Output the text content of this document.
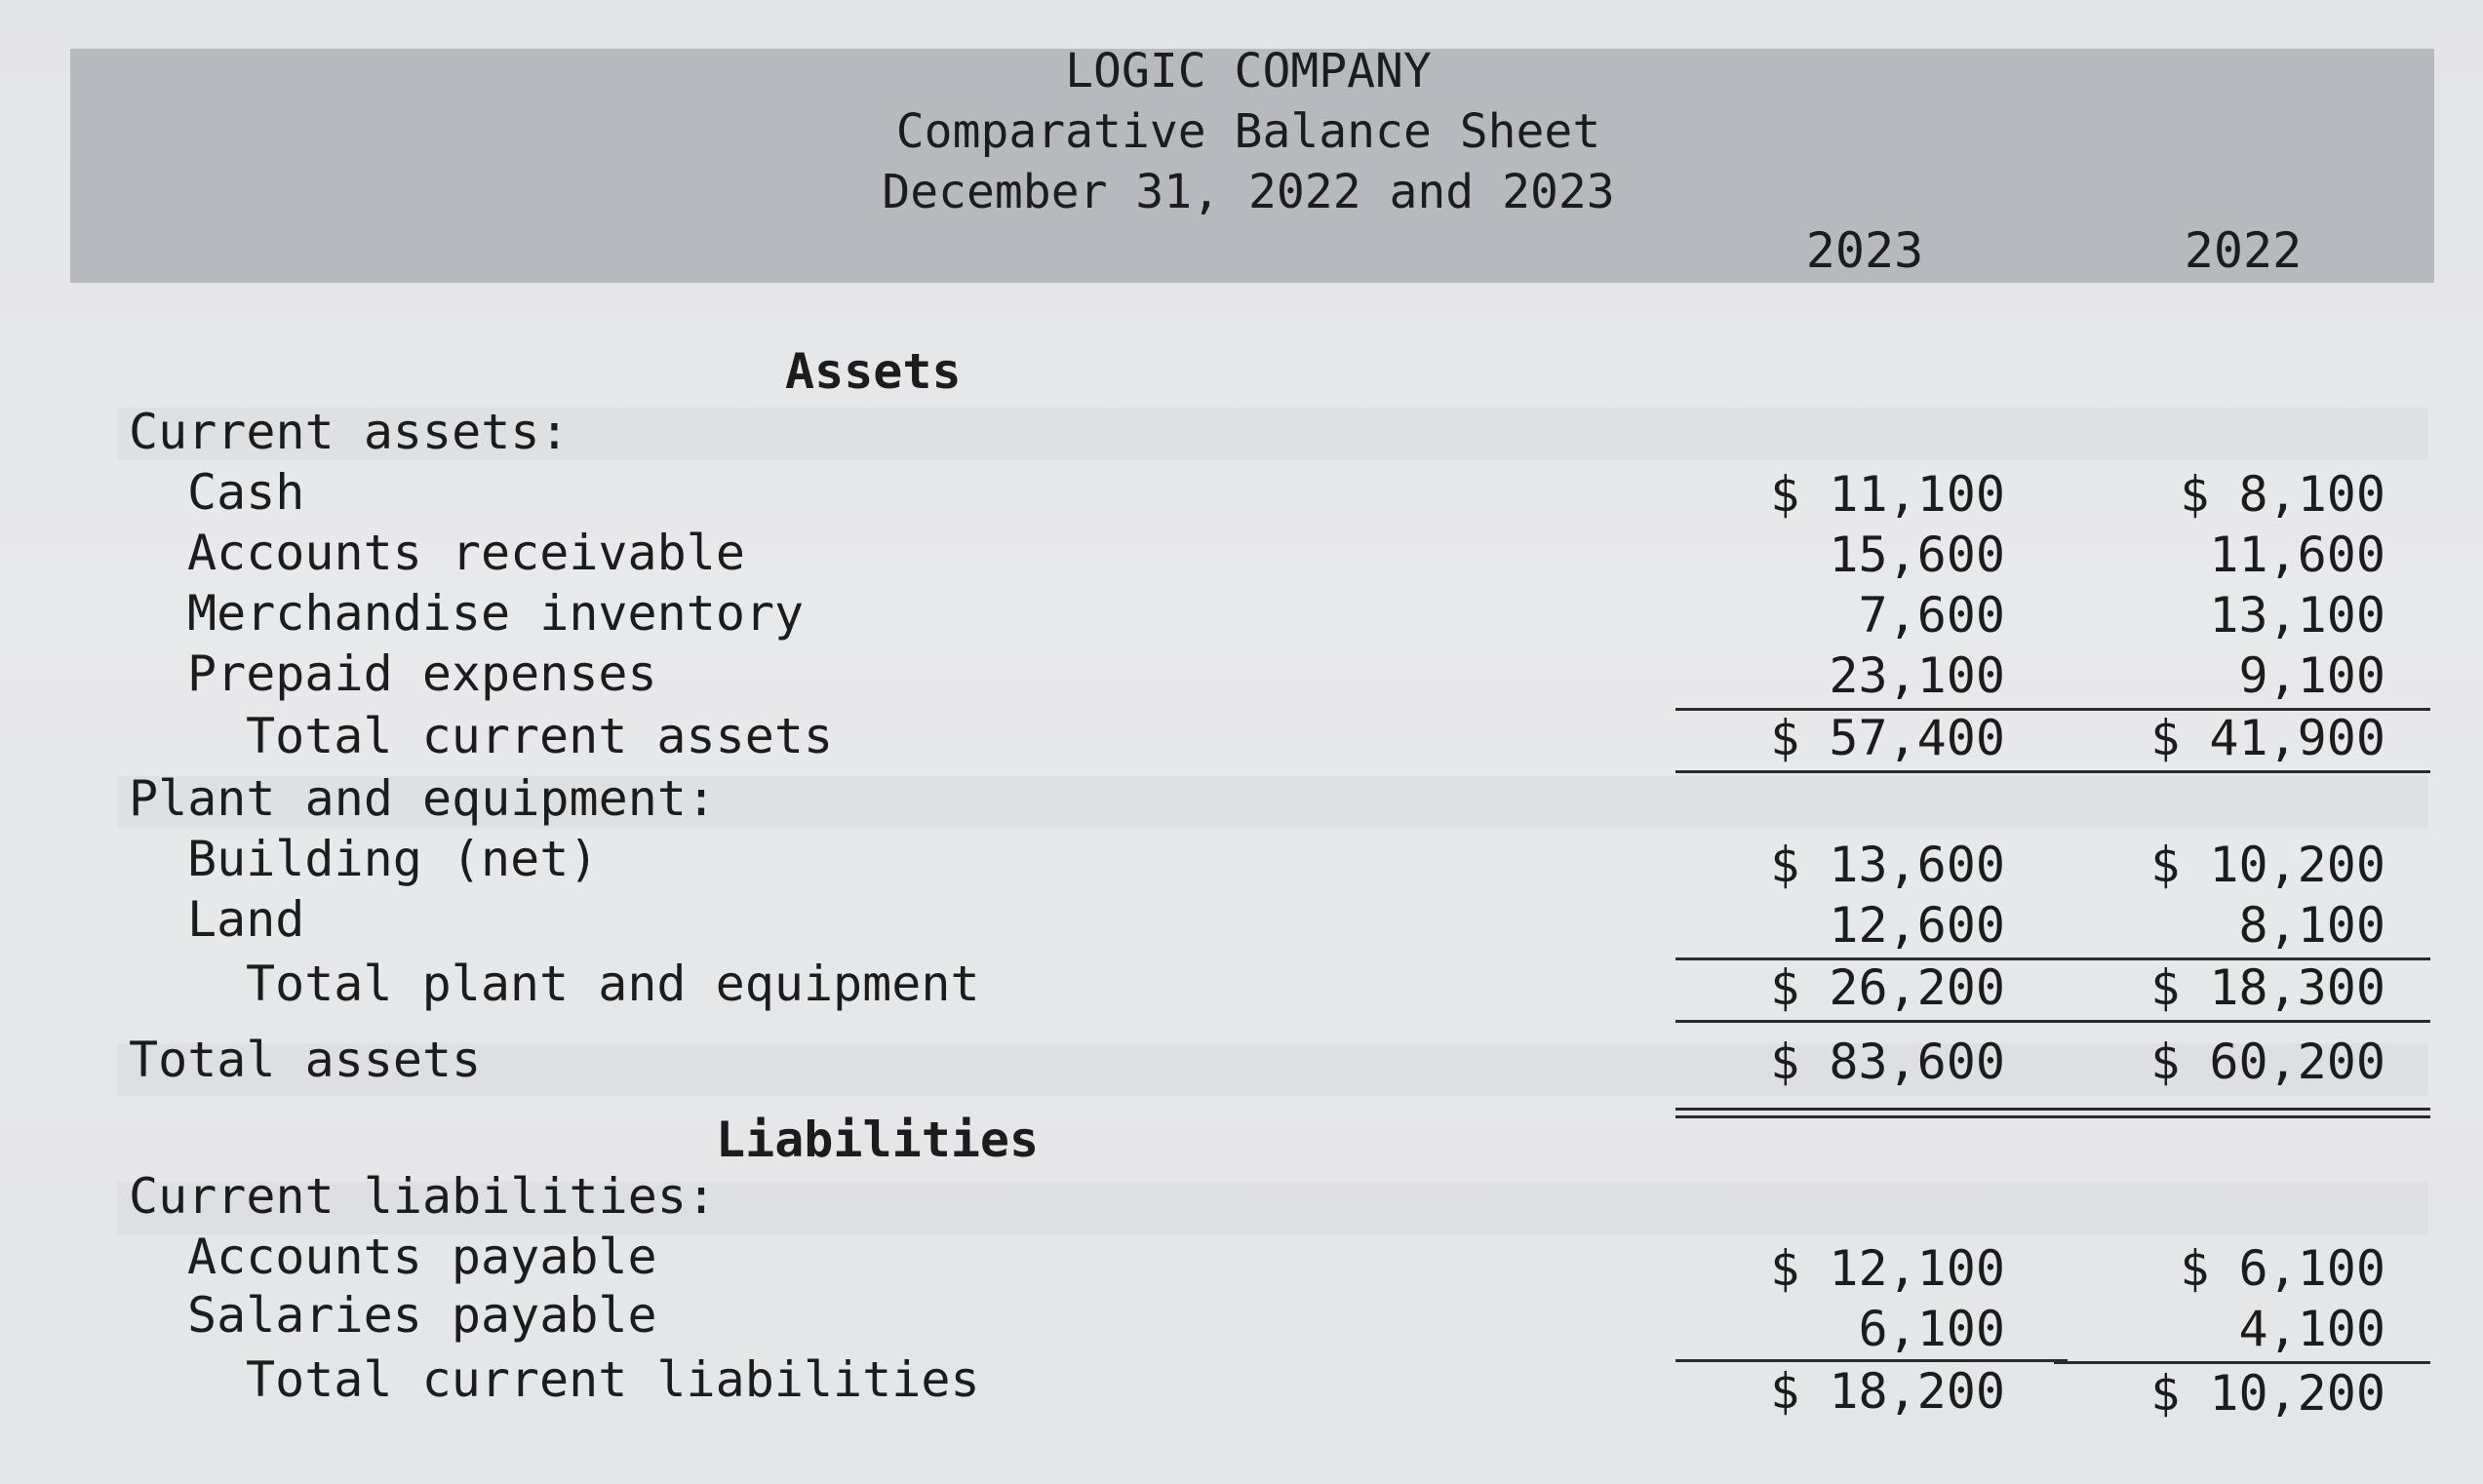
LOGIC COMPANY
Comparative Balance Sheet
December 31, 2022 and 2023
2023	2022
Assets
Current assets:
Cash	$ 11,100	$ 8,100
Accounts receivable	15,600	11,600
Merchandise inventory	7,600	13,100
Prepaid expenses	23,100	9,100
Total current assets	$ 57,400	$ 41,900
Plant and equipment:
Building (net)	$ 13,600	$ 10,200
Land	12,600	8,100
Total plant and equipment	$ 26,200	$ 18,300
Total assets	$ 83,600	$ 60,200
Liabilities
Current liabilities:
Accounts payable	$ 12,100	$ 6,100
Salaries payable	6,100	4,100
Total current liabilities	$ 18,200	$ 10,200
